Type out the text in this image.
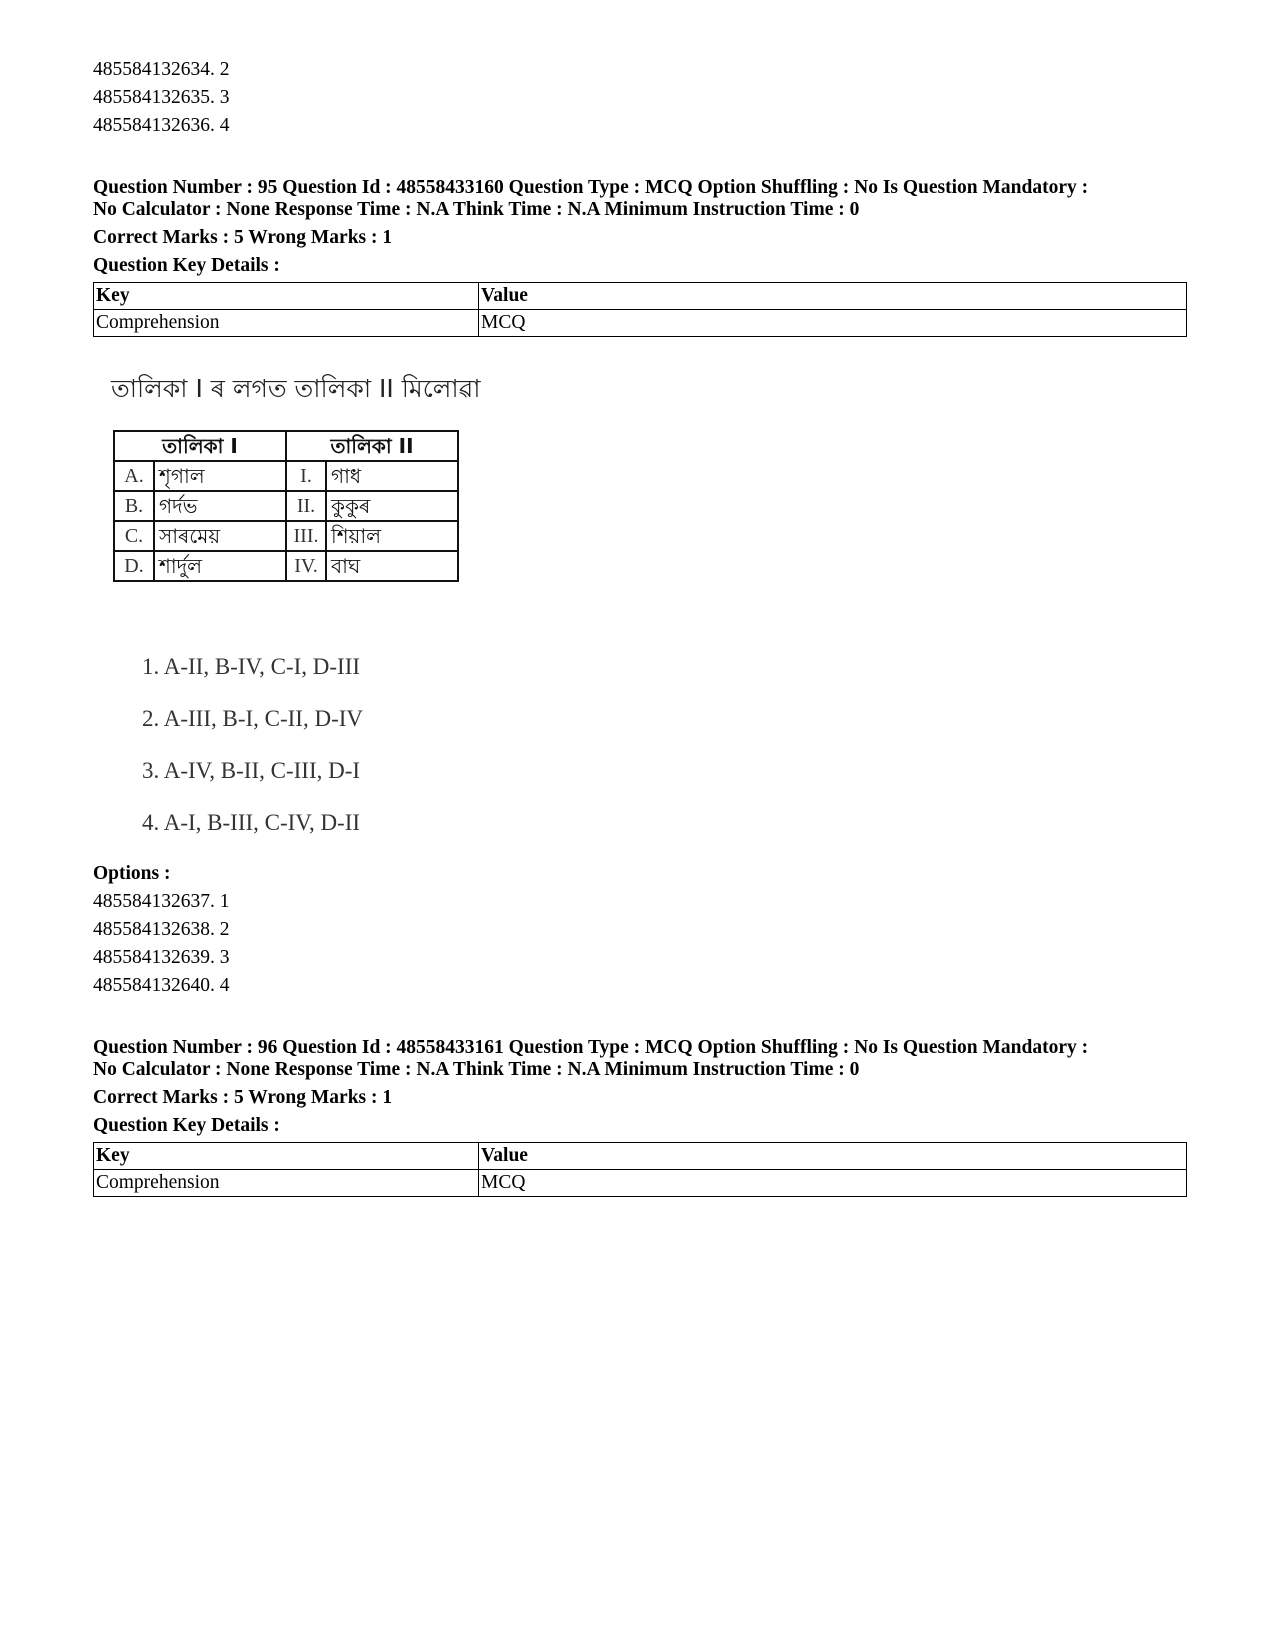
485584132634. 2
485584132635. 3
485584132636. 4
Question Number : 95 Question Id : 48558433160 Question Type : MCQ Option Shuffling : No Is Question Mandatory :
No Calculator : None Response Time : N.A Think Time : N.A Minimum Instruction Time : 0
Correct Marks : 5 Wrong Marks : 1
Question Key Details :
Key	Value
Comprehension	MCQ
তালিকা I ৰ লগত তালিকা II মিলোৱা
তালিকা I		তালিকা II	
A.	শৃগাল	I.	গাধ
B.	গৰ্দভ	II.	কুকুৰ
C.	সাৰমেয়	III.	শিয়াল
D.	শাৰ্দুল	IV.	বাঘ
1. A-II, B-IV, C-I, D-III
2. A-III, B-I, C-II, D-IV
3. A-IV, B-II, C-III, D-I
4. A-I, B-III, C-IV, D-II
Options :
485584132637. 1
485584132638. 2
485584132639. 3
485584132640. 4
Question Number : 96 Question Id : 48558433161 Question Type : MCQ Option Shuffling : No Is Question Mandatory :
No Calculator : None Response Time : N.A Think Time : N.A Minimum Instruction Time : 0
Correct Marks : 5 Wrong Marks : 1
Question Key Details :
Key	Value
Comprehension	MCQ
